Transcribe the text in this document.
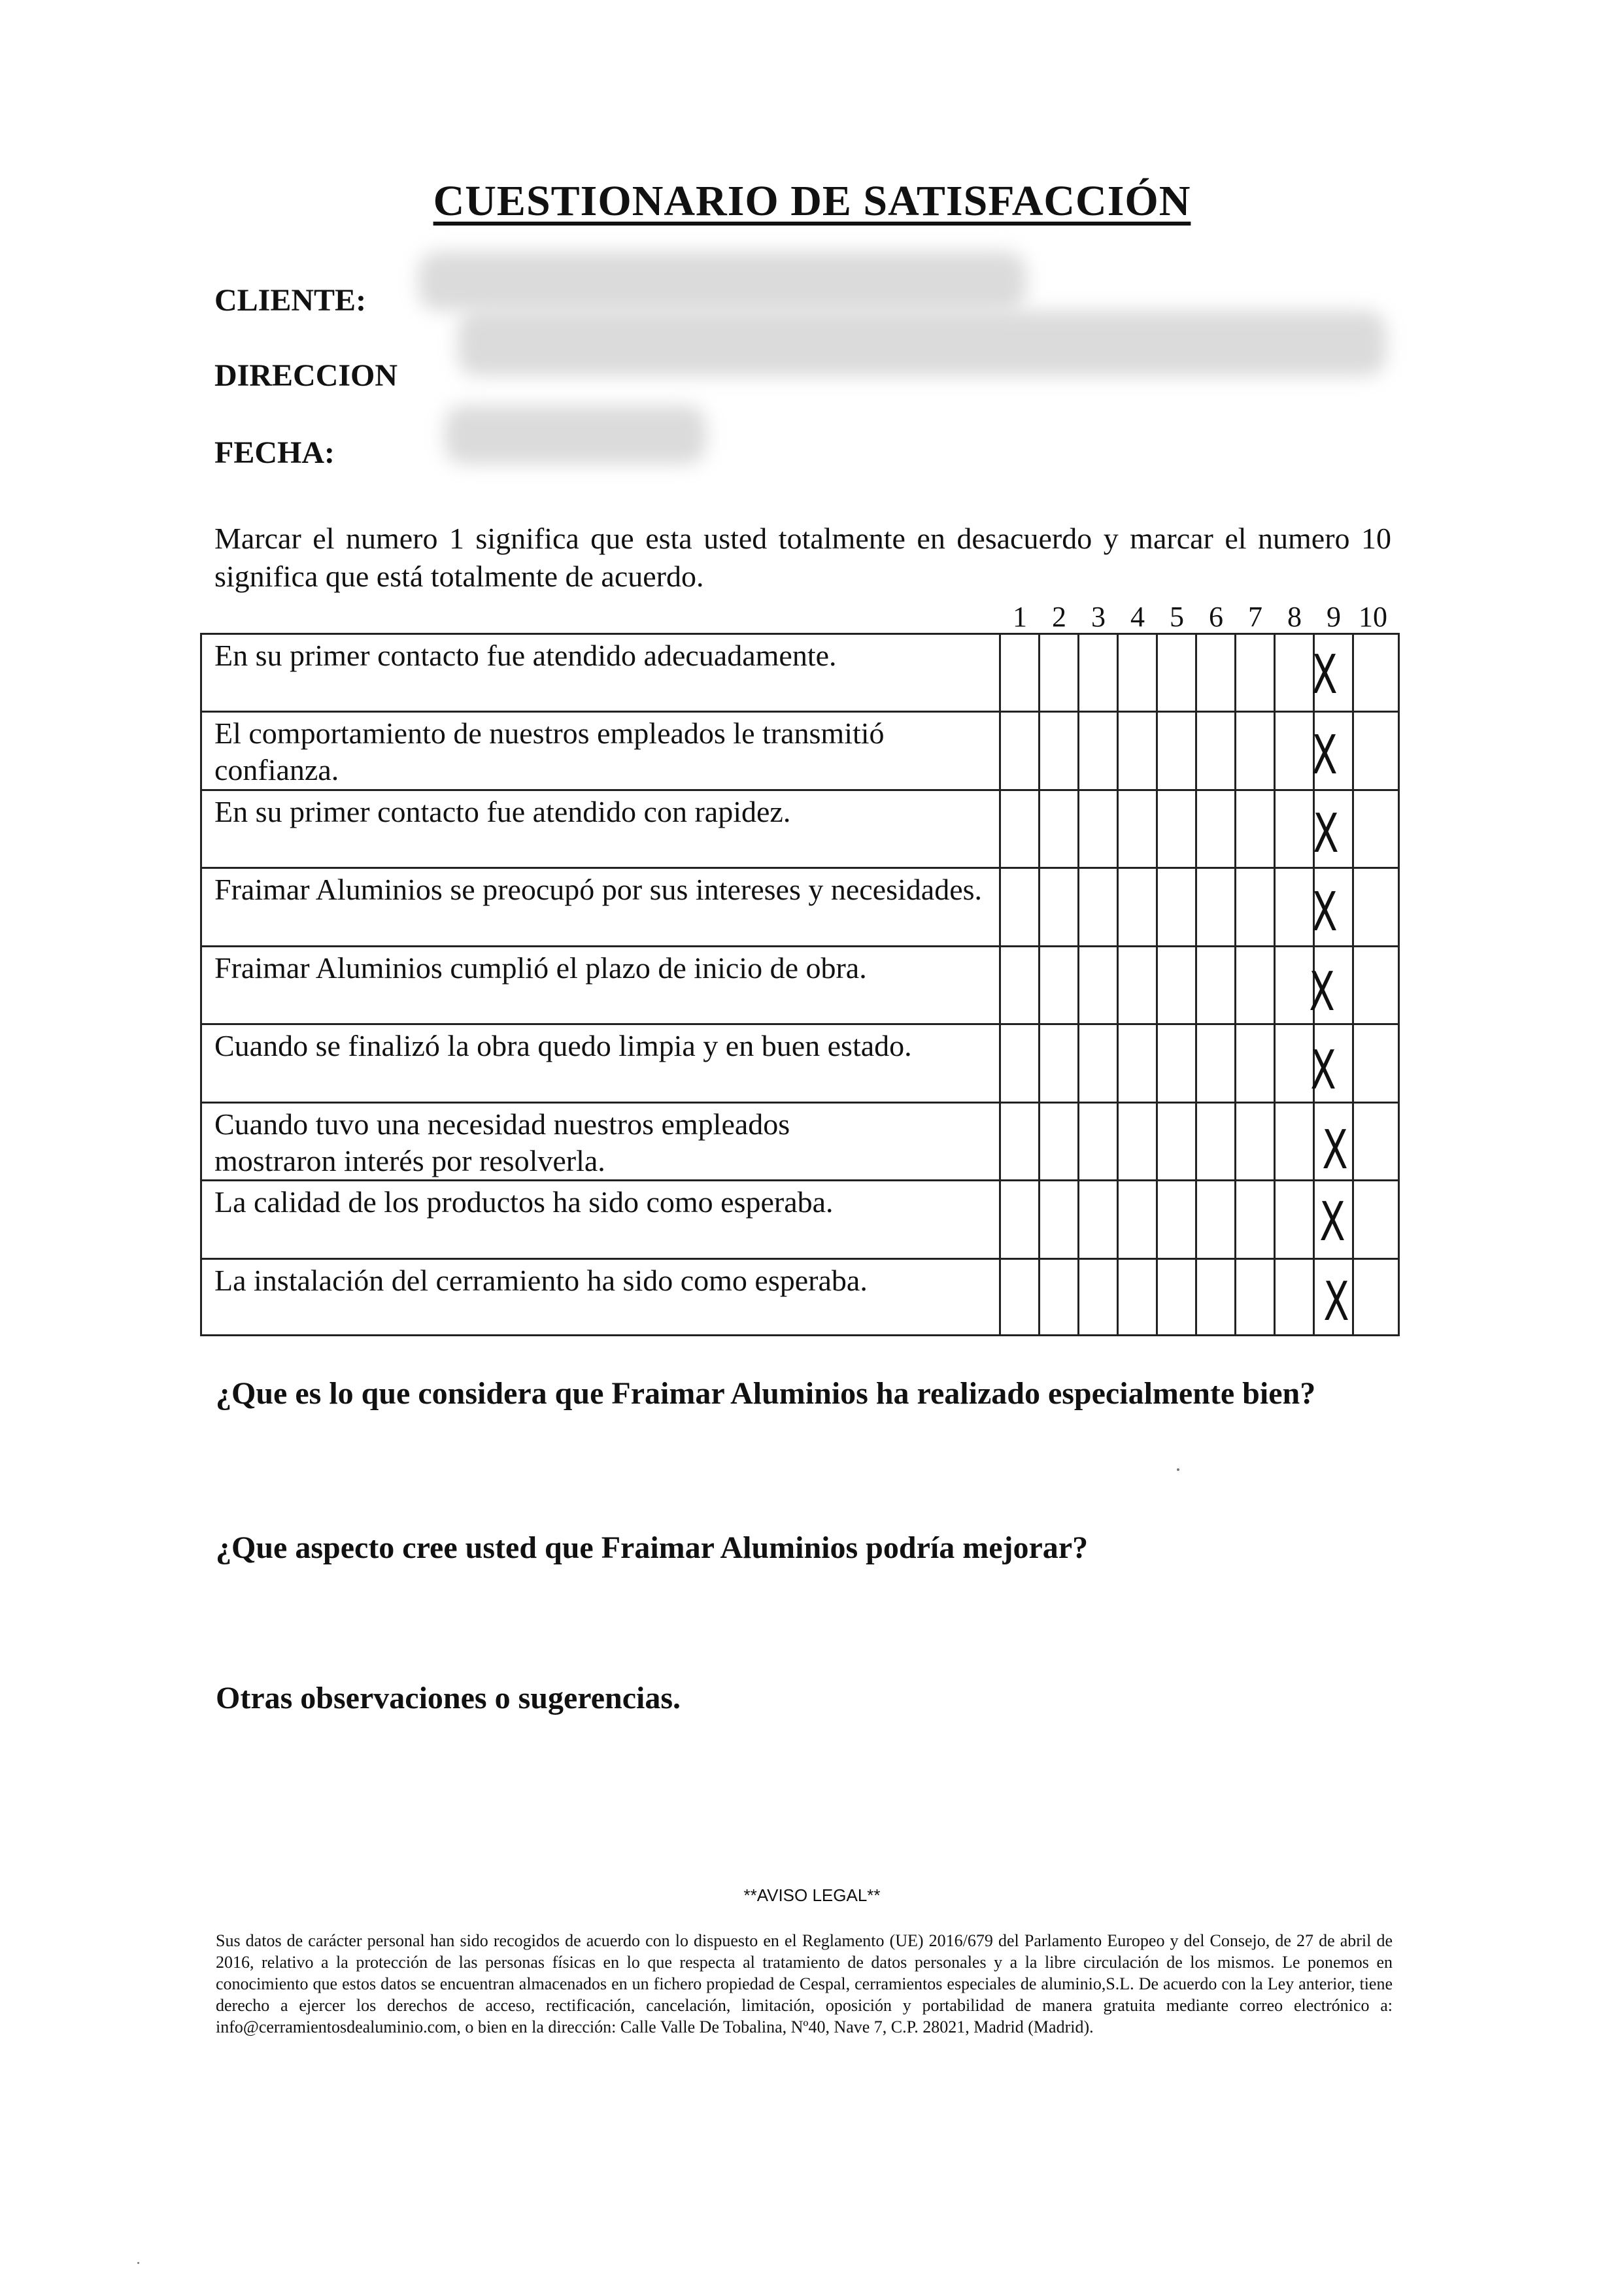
CUESTIONARIO DE SATISFACCIÓN
CLIENTE:
DIRECCION
FECHA:
Marcar el numero 1 significa que esta usted totalmente en desacuerdo y marcar el numero 10 significa que está totalmente de acuerdo.
1 2 3 4 5 6 7 8 9 10
En su primer contacto fue atendido adecuadamente.
El comportamiento de nuestros empleados le transmitió confianza.
En su primer contacto fue atendido con rapidez.
Fraimar Aluminios se preocupó por sus intereses y necesidades.
Fraimar Aluminios cumplió el plazo de inicio de obra.
Cuando se finalizó la obra quedo limpia y en buen estado.
Cuando tuvo una necesidad nuestros empleados mostraron interés por resolverla.
La calidad de los productos ha sido como esperaba.
La instalación del cerramiento ha sido como esperaba.
X
X
X
X
X
X
X
X
X
¿Que es lo que considera que Fraimar Aluminios ha realizado especialmente bien?
¿Que aspecto cree usted que Fraimar Aluminios podría mejorar?
Otras observaciones o sugerencias.
**AVISO LEGAL**
Sus datos de carácter personal han sido recogidos de acuerdo con lo dispuesto en el Reglamento (UE) 2016/679 del Parlamento Europeo y del Consejo, de 27 de abril de 2016, relativo a la protección de las personas físicas en lo que respecta al tratamiento de datos personales y a la libre circulación de los mismos. Le ponemos en conocimiento que estos datos se encuentran almacenados en un fichero propiedad de Cespal, cerramientos especiales de aluminio,S.L. De acuerdo con la Ley anterior, tiene derecho a ejercer los derechos de acceso, rectificación, cancelación, limitación, oposición y portabilidad de manera gratuita mediante correo electrónico a: info@cerramientosdealuminio.com, o bien en la dirección: Calle Valle De Tobalina, Nº40, Nave 7, C.P. 28021, Madrid (Madrid).
